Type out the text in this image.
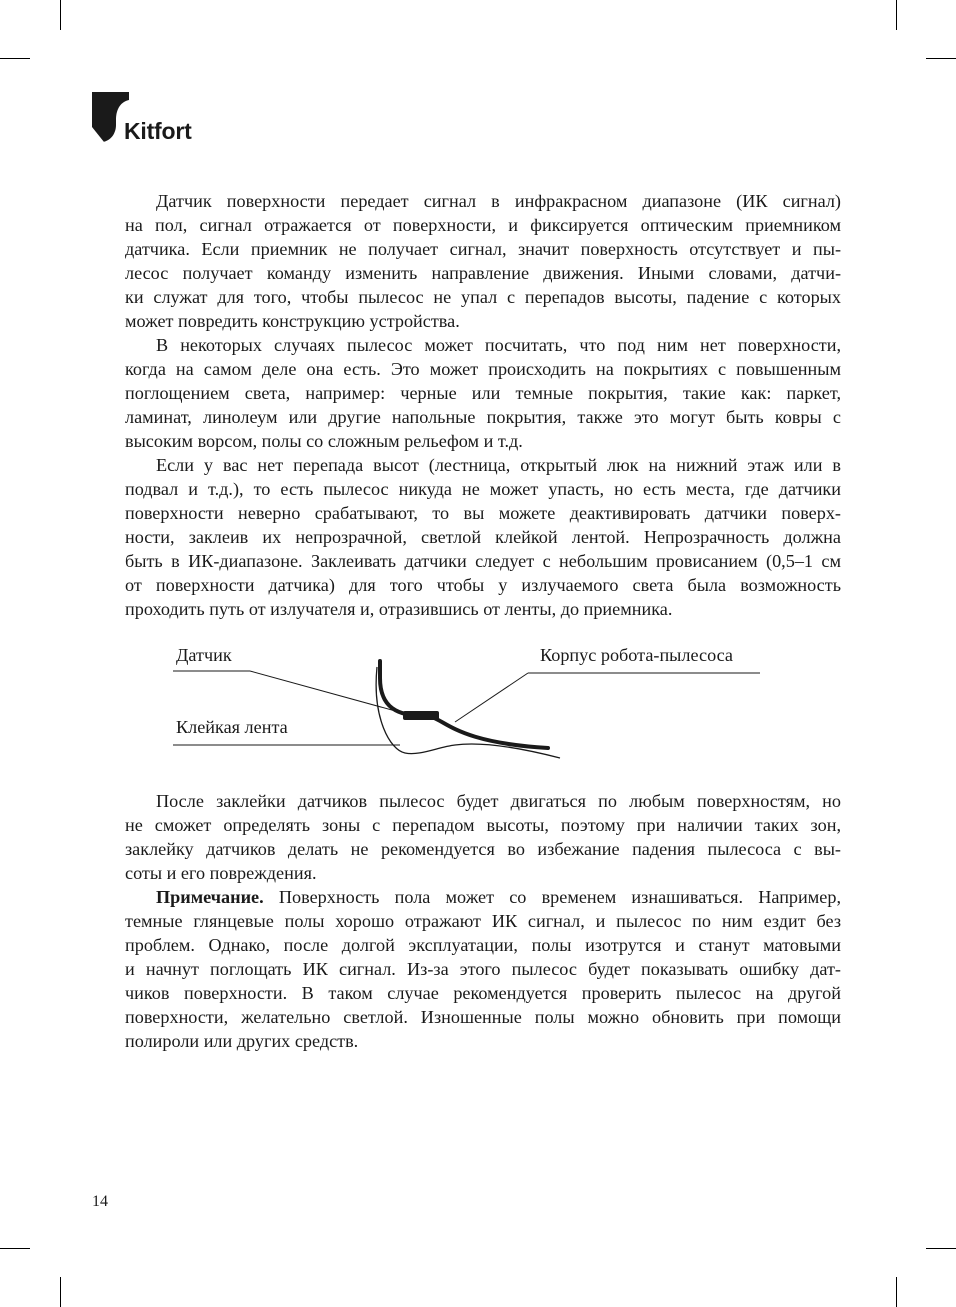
Kitfort

Датчик поверхности передает сигнал в инфракрасном диапазоне (ИК сигнал)
на пол, сигнал отражается от поверхности, и фиксируется оптическим приемником
датчика. Если приемник не получает сигнал, значит поверхность отсутствует и пы-
лесос получает команду изменить направление движения. Иными словами, датчи-
ки служат для того, чтобы пылесос не упал с перепадов высоты, падение с которых
может повредить конструкцию устройства.

В некоторых случаях пылесос может посчитать, что под ним нет поверхности,
когда на самом деле она есть. Это может происходить на покрытиях с повышенным
поглощением света, например: черные или темные покрытия, такие как: паркет,
ламинат, линолеум или другие напольные покрытия, также это могут быть ковры с
высоким ворсом, полы со сложным рельефом и т.д.

Если у вас нет перепада высот (лестница, открытый люк на нижний этаж или в
подвал и т.д.), то есть пылесос никуда не может упасть, но есть места, где датчики
поверхности неверно срабатывают, то вы можете деактивировать датчики поверх-
ности, заклеив их непрозрачной, светлой клейкой лентой. Непрозрачность должна
быть в ИК-диапазоне. Заклеивать датчики следует с небольшим провисанием (0,5–1 см
от поверхности датчика) для того чтобы у излучаемого света была возможность
проходить путь от излучателя и, отразившись от ленты, до приемника.

Датчик	Корпус робота-пылесоса
Клейкая лента

После заклейки датчиков пылесос будет двигаться по любым поверхностям, но
не сможет определять зоны с перепадом высоты, поэтому при наличии таких зон,
заклейку датчиков делать не рекомендуется во избежание падения пылесоса с вы-
соты и его повреждения.

Примечание. Поверхность пола может со временем изнашиваться. Например,
темные глянцевые полы хорошо отражают ИК сигнал, и пылесос по ним ездит без
проблем. Однако, после долгой эксплуатации, полы изотрутся и станут матовыми
и начнут поглощать ИК сигнал. Из-за этого пылесос будет показывать ошибку дат-
чиков поверхности. В таком случае рекомендуется проверить пылесос на другой
поверхности, желательно светлой. Изношенные полы можно обновить при помощи
полироли или других средств.

14
